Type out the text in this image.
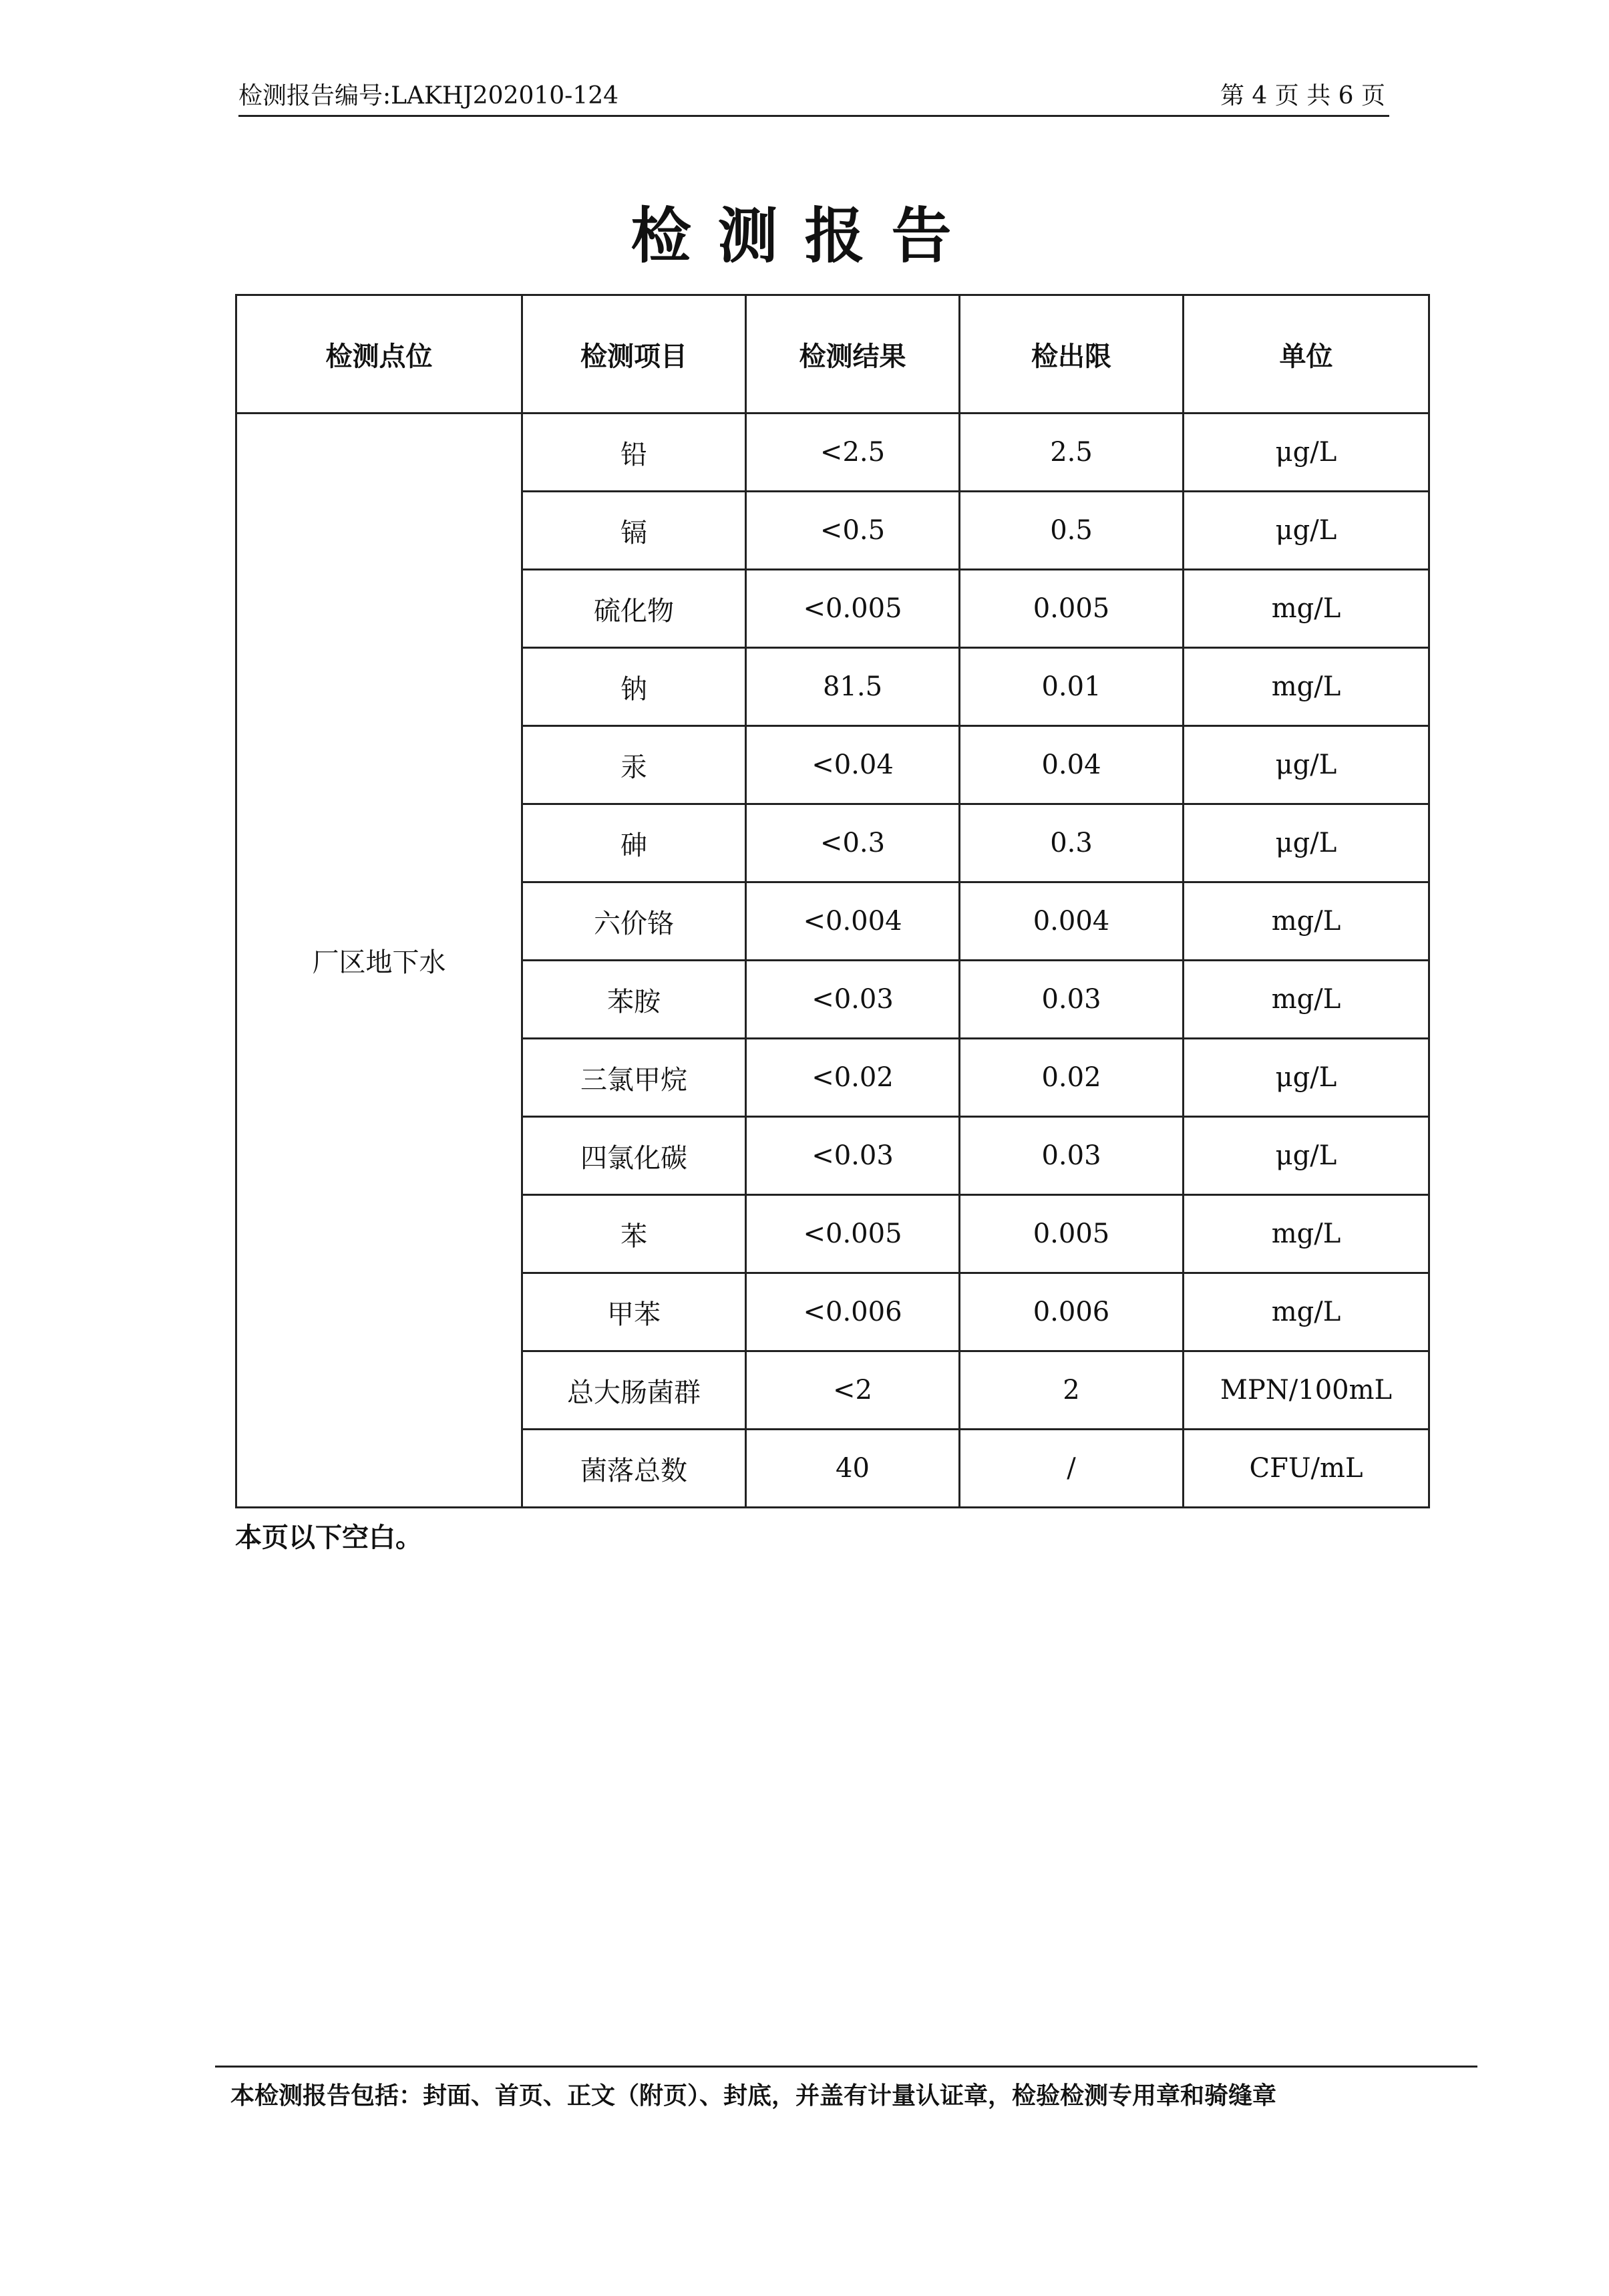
检测报告编号:LAKHJ202010-124	第 4 页 共 6 页
检测报告
检测点位	检测项目	检测结果	检出限	单位
厂区地下水	铅	<2.5	2.5	μg/L
	镉	<0.5	0.5	μg/L
	硫化物	<0.005	0.005	mg/L
	钠	81.5	0.01	mg/L
	汞	<0.04	0.04	μg/L
	砷	<0.3	0.3	μg/L
	六价铬	<0.004	0.004	mg/L
	苯胺	<0.03	0.03	mg/L
	三氯甲烷	<0.02	0.02	μg/L
	四氯化碳	<0.03	0.03	μg/L
	苯	<0.005	0.005	mg/L
	甲苯	<0.006	0.006	mg/L
	总大肠菌群	<2	2	MPN/100mL
	菌落总数	40	/	CFU/mL
本页以下空白。
本检测报告包括：封面、首页、正文（附页）、封底，并盖有计量认证章，检验检测专用章和骑缝章
